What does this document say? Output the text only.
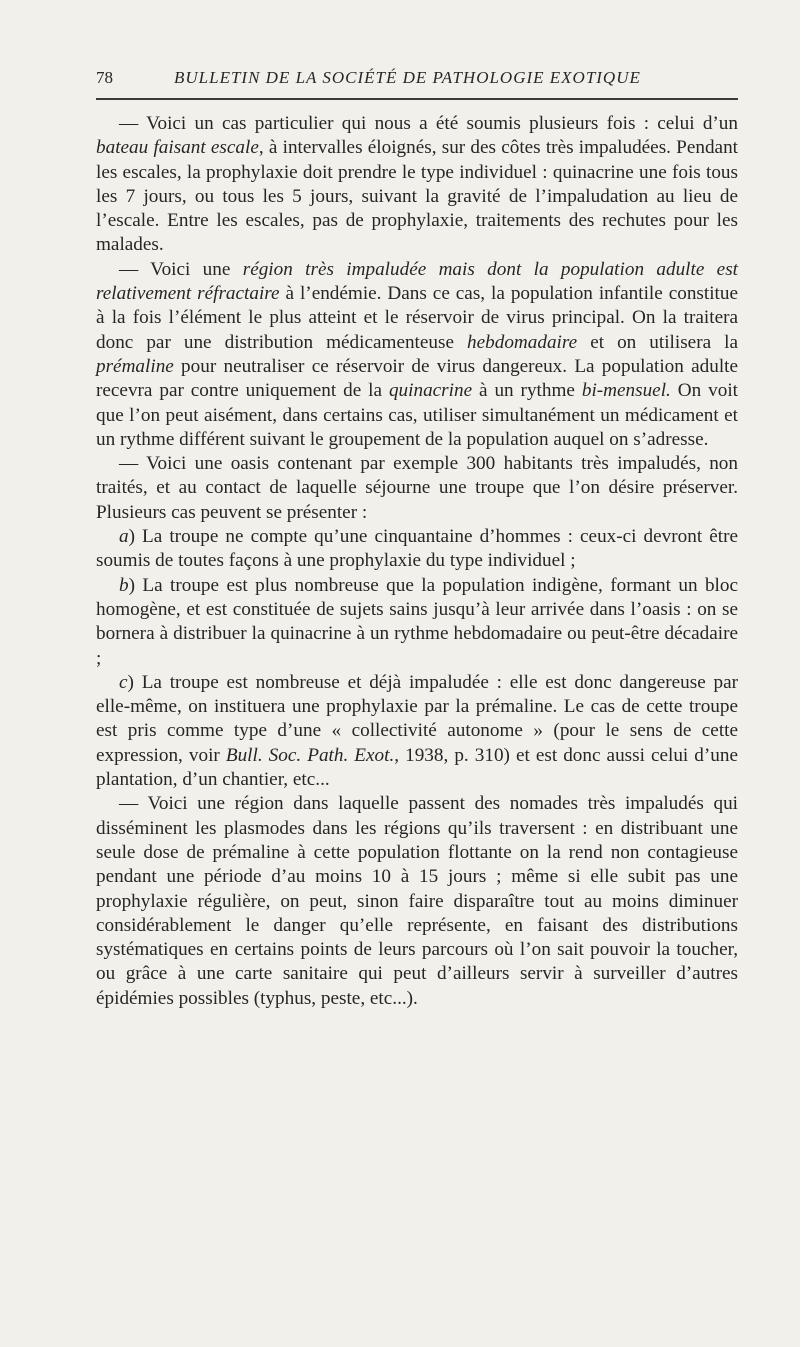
78	BULLETIN DE LA SOCIÉTÉ DE PATHOLOGIE EXOTIQUE

— Voici un cas particulier qui nous a été soumis plusieurs fois : celui d’un bateau faisant escale, à intervalles éloignés, sur des côtes très impaludées. Pendant les escales, la prophylaxie doit prendre le type individuel : quinacrine une fois tous les 7 jours, ou tous les 5 jours, suivant la gravité de l’impaludation au lieu de l’escale. Entre les escales, pas de prophylaxie, traitements des rechutes pour les malades.

— Voici une région très impaludée mais dont la population adulte est relativement réfractaire à l’endémie. Dans ce cas, la population infantile constitue à la fois l’élément le plus atteint et le réservoir de virus principal. On la traitera donc par une distribution médicamenteuse hebdomadaire et on utilisera la prémaline pour neutraliser ce réservoir de virus dangereux. La population adulte recevra par contre uniquement de la quinacrine à un rythme bi-mensuel. On voit que l’on peut aisément, dans certains cas, utiliser simultanément un médicament et un rythme différent suivant le groupement de la population auquel on s’adresse.

— Voici une oasis contenant par exemple 300 habitants très impaludés, non traités, et au contact de laquelle séjourne une troupe que l’on désire préserver. Plusieurs cas peuvent se présenter :

a) La troupe ne compte qu’une cinquantaine d’hommes : ceux-ci devront être soumis de toutes façons à une prophylaxie du type individuel ;

b) La troupe est plus nombreuse que la population indigène, formant un bloc homogène, et est constituée de sujets sains jusqu’à leur arrivée dans l’oasis : on se bornera à distribuer la quinacrine à un rythme hebdomadaire ou peut-être décadaire ;

c) La troupe est nombreuse et déjà impaludée : elle est donc dangereuse par elle-même, on instituera une prophylaxie par la prémaline. Le cas de cette troupe est pris comme type d’une « collectivité autonome » (pour le sens de cette expression, voir Bull. Soc. Path. Exot., 1938, p. 310) et est donc aussi celui d’une plantation, d’un chantier, etc...

— Voici une région dans laquelle passent des nomades très impaludés qui disséminent les plasmodes dans les régions qu’ils traversent : en distribuant une seule dose de prémaline à cette population flottante on la rend non contagieuse pendant une période d’au moins 10 à 15 jours ; même si elle subit pas une prophylaxie régulière, on peut, sinon faire disparaître tout au moins diminuer considérablement le danger qu’elle représente, en faisant des distributions systématiques en certains points de leurs parcours où l’on sait pouvoir la toucher, ou grâce à une carte sanitaire qui peut d’ailleurs servir à surveiller d’autres épidémies possibles (typhus, peste, etc...).
